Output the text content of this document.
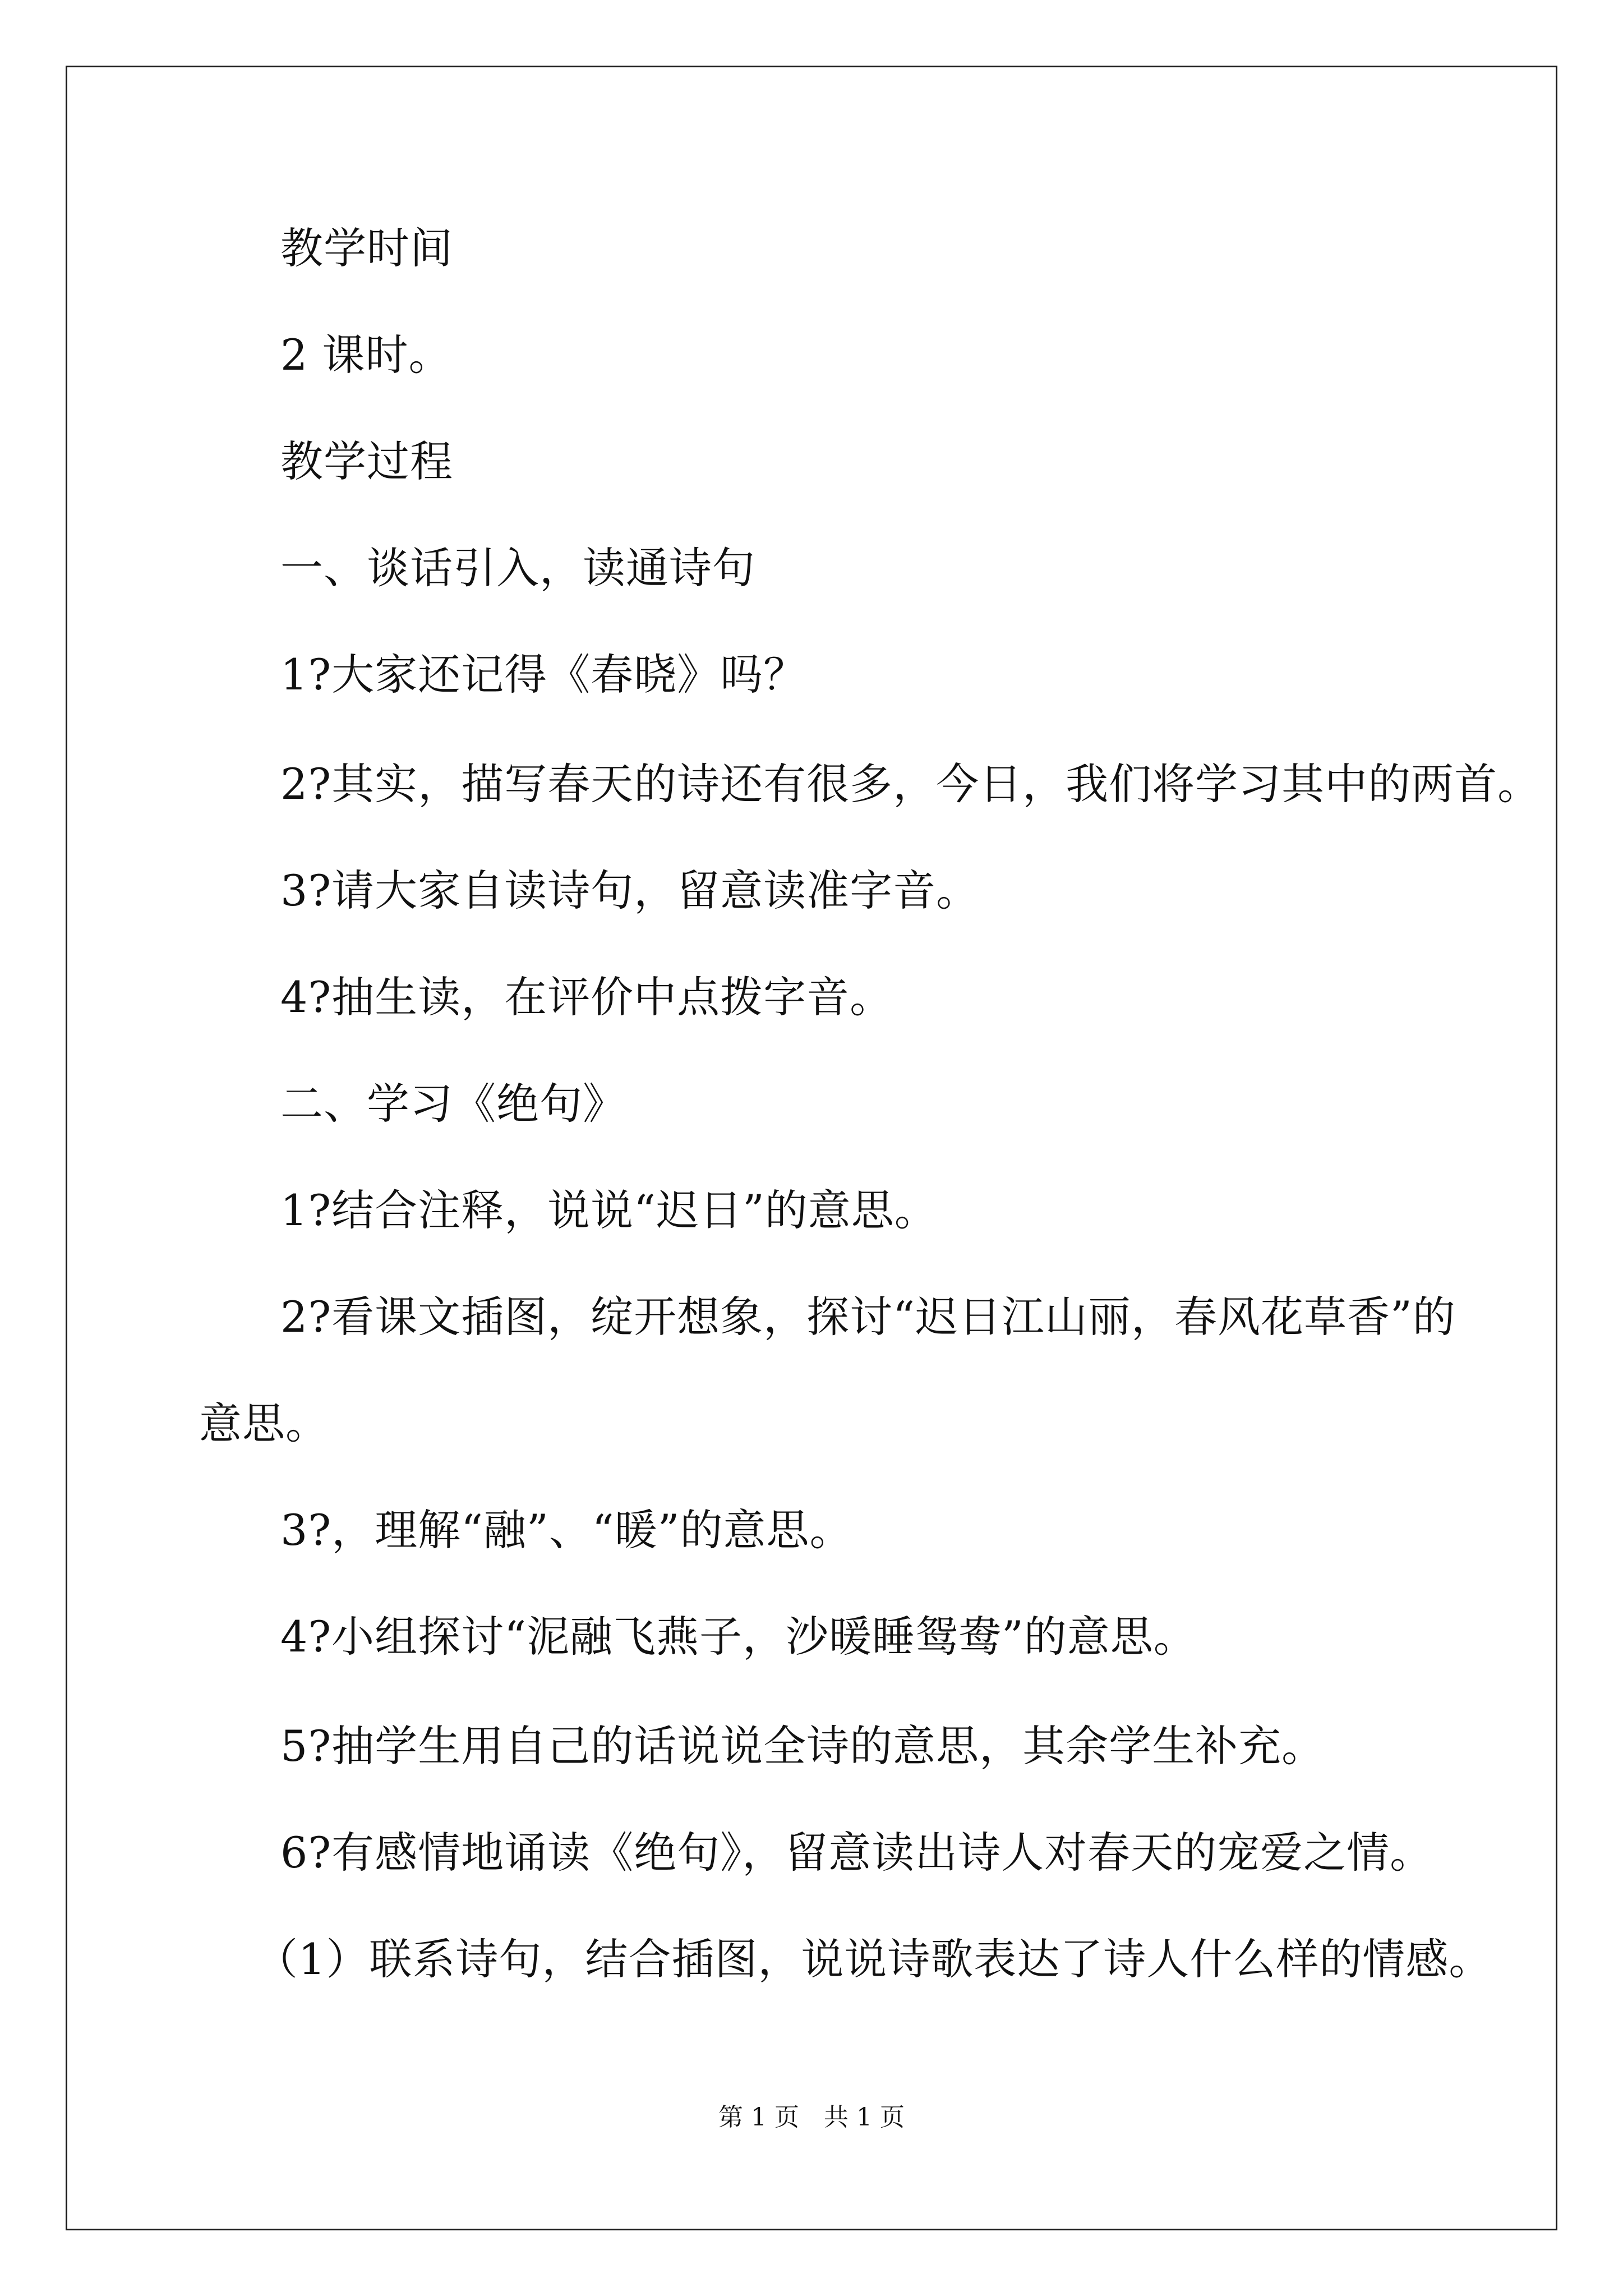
教学时间
2 课时。
教学过程
一、谈话引入，读通诗句
1?大家还记得《春晓》吗？
2?其实，描写春天的诗还有很多，今日，我们将学习其中的两首。
3?请大家自读诗句，留意读准字音。
4?抽生读，在评价中点拨字音。
二、学习《绝句》
1?结合注释，说说“迟日”的意思。
2?看课文插图，绽开想象，探讨“迟日江山丽，春风花草香”的
意思。
3?，理解“融”、“暖”的意思。
4?小组探讨“泥融飞燕子，沙暖睡鸳鸯”的意思。
5?抽学生用自己的话说说全诗的意思，其余学生补充。
6?有感情地诵读《绝句》，留意读出诗人对春天的宠爱之情。
（1）联系诗句，结合插图，说说诗歌表达了诗人什么样的情感。
第 1 页　共 1 页
